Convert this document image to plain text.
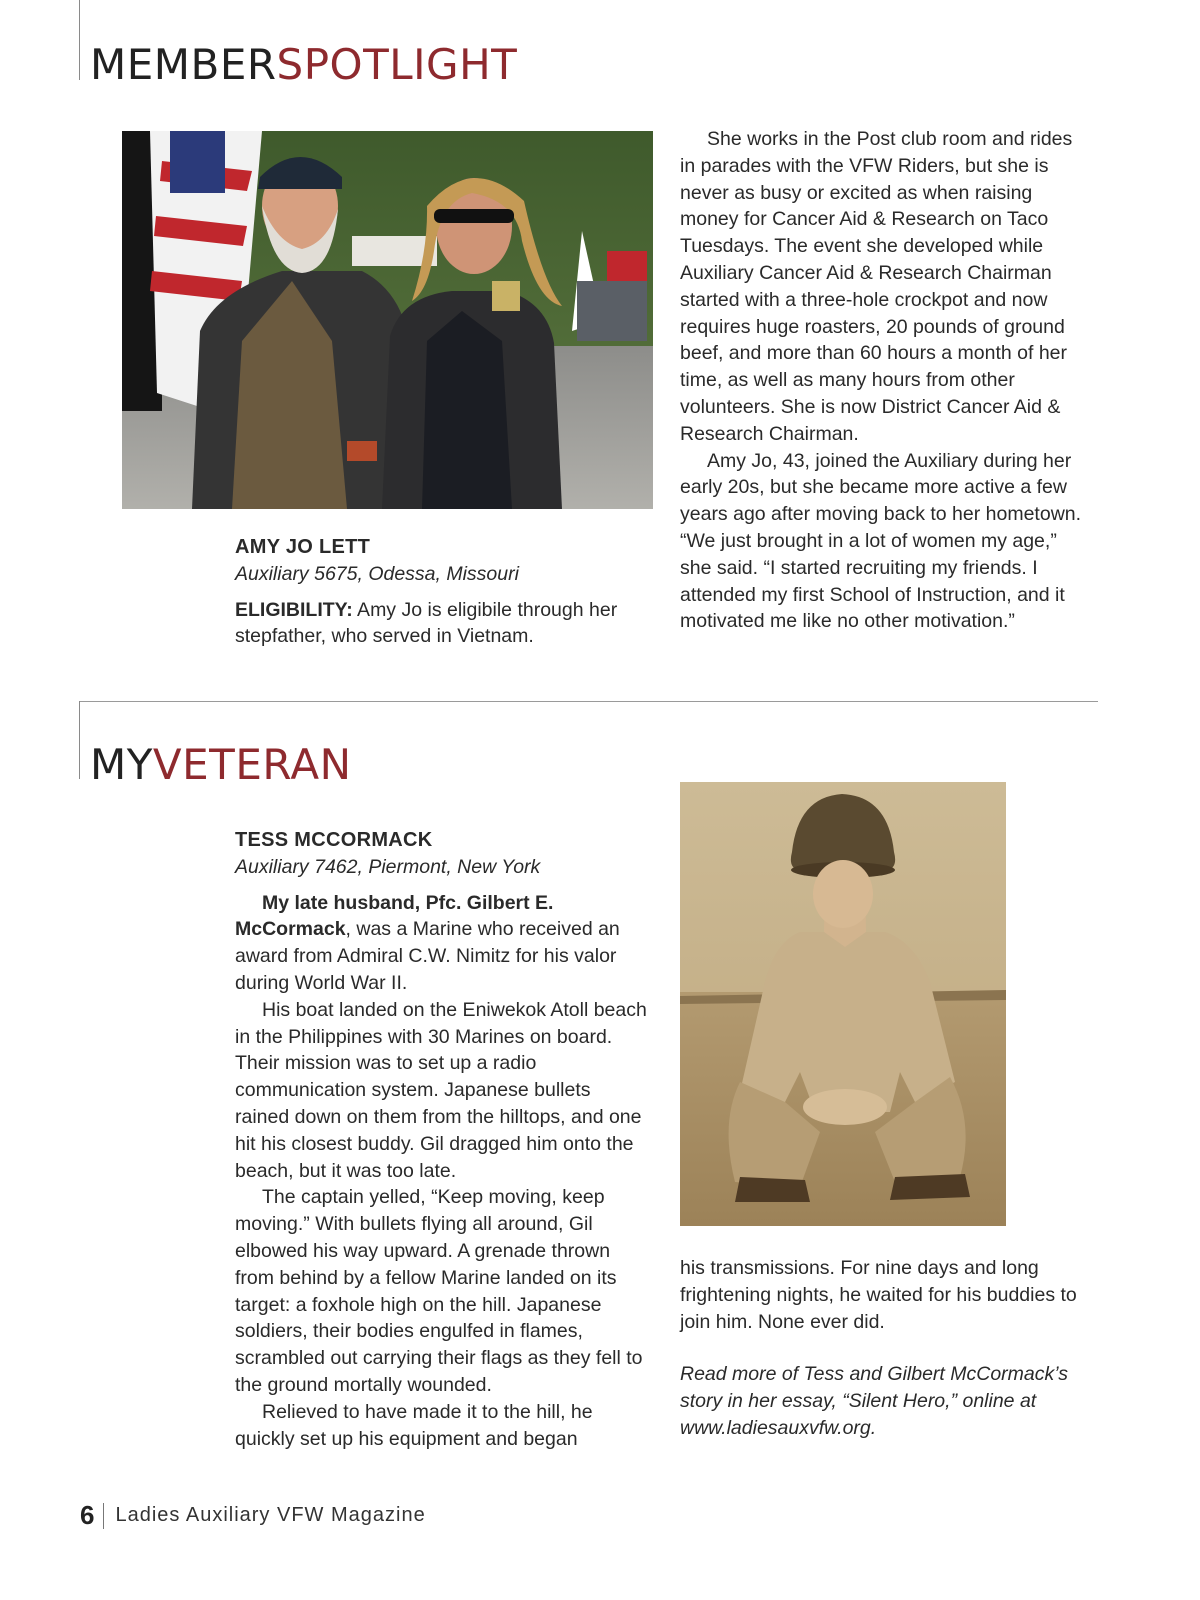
MEMBERSPOTLIGHT

AMY JO LETT

Auxiliary 5675, Odessa, Missouri

ELIGIBILITY: Amy Jo is eligibile through her stepfather, who served in Vietnam.

She works in the Post club room and rides in parades with the VFW Riders, but she is never as busy or excited as when raising money for Cancer Aid & Research on Taco Tuesdays. The event she developed while Auxiliary Cancer Aid & Research Chairman started with a three-hole crockpot and now requires huge roasters, 20 pounds of ground beef, and more than 60 hours a month of her time, as well as many hours from other volunteers. She is now District Cancer Aid & Research Chairman.

Amy Jo, 43, joined the Auxiliary during her early 20s, but she became more active a few years ago after moving back to her hometown. “We just brought in a lot of women my age,” she said. “I started recruiting my friends. I attended my first School of Instruction, and it motivated me like no other motivation.”

MYVETERAN

TESS MCCORMACK

Auxiliary 7462, Piermont, New York

My late husband, Pfc. Gilbert E. McCormack, was a Marine who received an award from Admiral C.W. Nimitz for his valor during World War II.

His boat landed on the Eniwekok Atoll beach in the Philippines with 30 Marines on board. Their mission was to set up a radio communication system. Japanese bullets rained down on them from the hilltops, and one hit his closest buddy. Gil dragged him onto the beach, but it was too late.

The captain yelled, “Keep moving, keep moving.” With bullets flying all around, Gil elbowed his way upward. A grenade thrown from behind by a fellow Marine landed on its target: a foxhole high on the hill. Japanese soldiers, their bodies engulfed in flames, scrambled out carrying their flags as they fell to the ground mortally wounded.

Relieved to have made it to the hill, he quickly set up his equipment and began

his transmissions. For nine days and long frightening nights, he waited for his buddies to join him. None ever did.

Read more of Tess and Gilbert McCormack’s story in her essay, “Silent Hero,” online at www.ladiesauxvfw.org.

6 Ladies Auxiliary VFW Magazine
